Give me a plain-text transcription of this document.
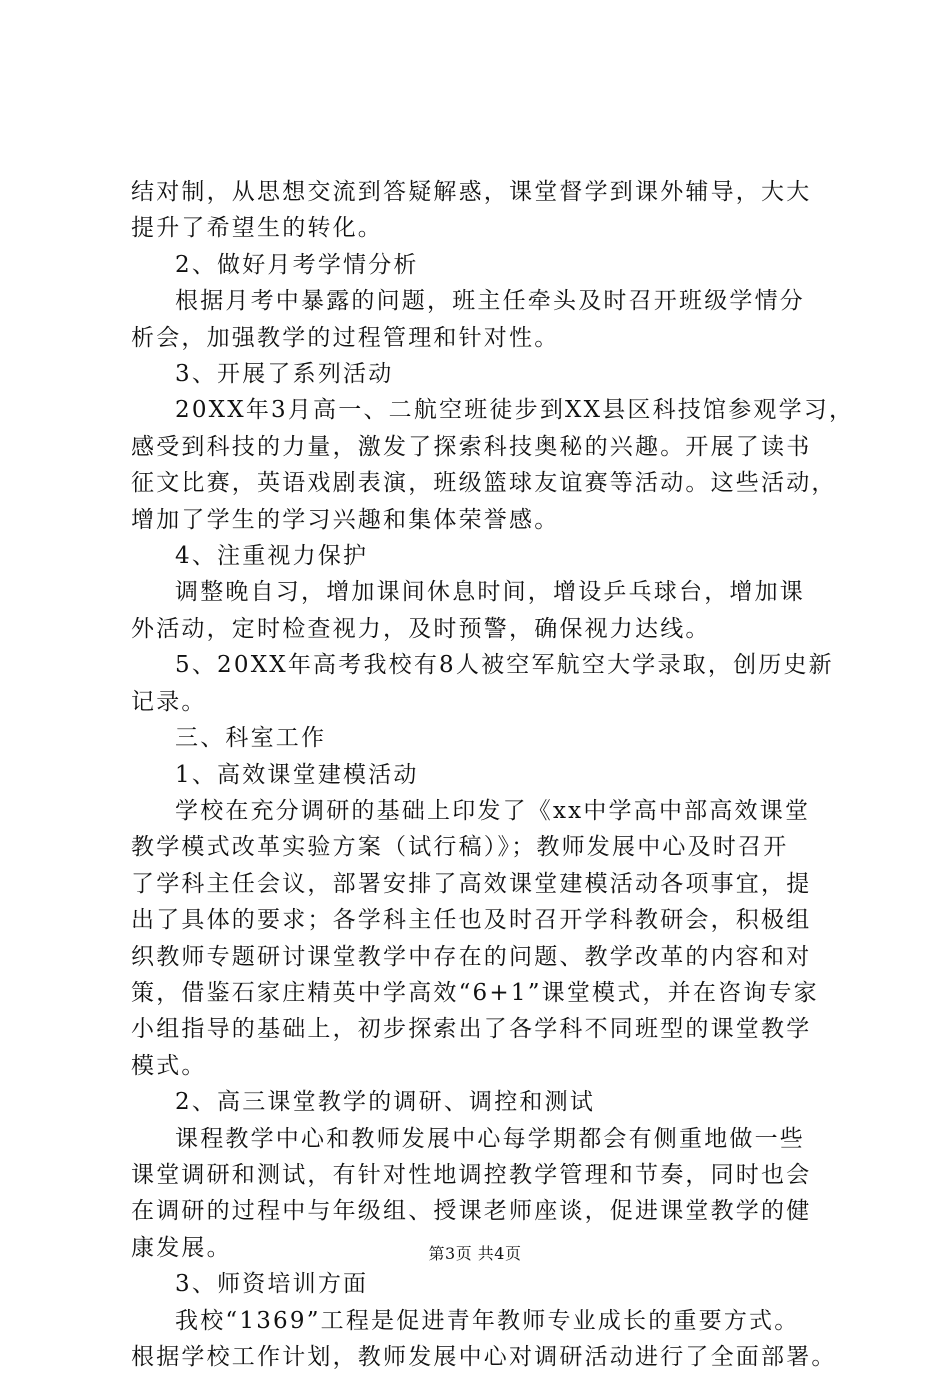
结对制，从思想交流到答疑解惑，课堂督学到课外辅导，大大

提升了希望生的转化。

2、做好月考学情分析

根据月考中暴露的问题，班主任牵头及时召开班级学情分

析会，加强教学的过程管理和针对性。

3、开展了系列活动

20XX年3月高一、二航空班徒步到XX县区科技馆参观学习，

感受到科技的力量，激发了探索科技奥秘的兴趣。开展了读书

征文比赛，英语戏剧表演，班级篮球友谊赛等活动。这些活动，

增加了学生的学习兴趣和集体荣誉感。

4、注重视力保护

调整晚自习，增加课间休息时间，增设乒乓球台，增加课

外活动，定时检查视力，及时预警，确保视力达线。

5、20XX年高考我校有8人被空军航空大学录取，创历史新

记录。

三、科室工作

1、高效课堂建模活动

学校在充分调研的基础上印发了《xx中学高中部高效课堂

教学模式改革实验方案（试行稿）》；教师发展中心及时召开

了学科主任会议，部署安排了高效课堂建模活动各项事宜，提

出了具体的要求；各学科主任也及时召开学科教研会，积极组

织教师专题研讨课堂教学中存在的问题、教学改革的内容和对

策，借鉴石家庄精英中学高效“6+1”课堂模式，并在咨询专家

小组指导的基础上，初步探索出了各学科不同班型的课堂教学

模式。

2、高三课堂教学的调研、调控和测试

课程教学中心和教师发展中心每学期都会有侧重地做一些

课堂调研和测试，有针对性地调控教学管理和节奏，同时也会

在调研的过程中与年级组、授课老师座谈，促进课堂教学的健

康发展。

3、师资培训方面

我校“1369”工程是促进青年教师专业成长的重要方式。

根据学校工作计划，教师发展中心对调研活动进行了全面部署。

第3页 共4页
